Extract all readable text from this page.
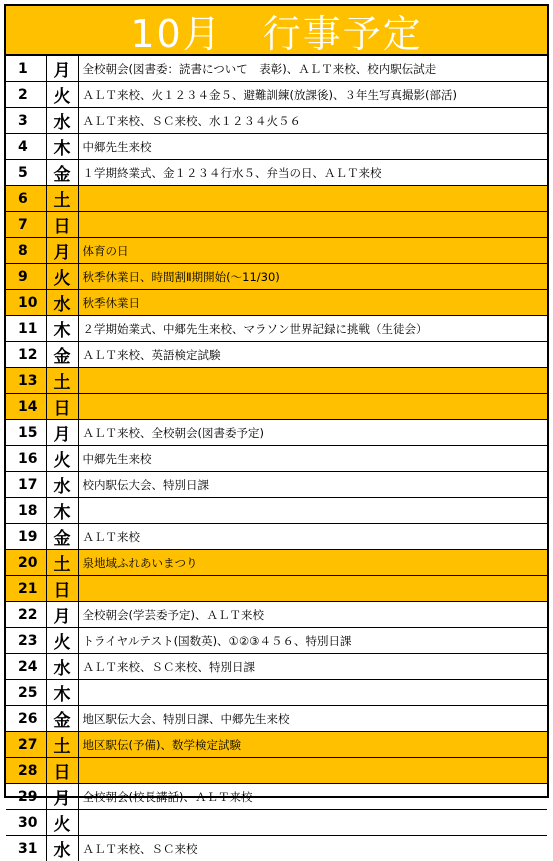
10月　行事予定
1	月	全校朝会(図書委：読書について　表彰)、ＡＬＴ来校、校内駅伝試走
2	火	ＡＬＴ来校、火１２３４金５、避難訓練(放課後)、３年生写真撮影(部活)
3	水	ＡＬＴ来校、ＳＣ来校、水１２３４火５６
4	木	中郷先生来校
5	金	１学期終業式、金１２３４行水５、弁当の日、ＡＬＴ来校
6	土	
7	日	
8	月	体育の日
9	火	秋季休業日、時間割Ⅱ期開始(～11/30)
10	水	秋季休業日
11	木	２学期始業式、中郷先生来校、マラソン世界記録に挑戦（生徒会）
12	金	ＡＬＴ来校、英語検定試験
13	土	
14	日	
15	月	ＡＬＴ来校、全校朝会(図書委予定)
16	火	中郷先生来校
17	水	校内駅伝大会、特別日課
18	木	
19	金	ＡＬＴ来校
20	土	泉地域ふれあいまつり
21	日	
22	月	全校朝会(学芸委予定)、ＡＬＴ来校
23	火	トライヤルテスト(国数英)、①②③４５６、特別日課
24	水	ＡＬＴ来校、ＳＣ来校、特別日課
25	木	
26	金	地区駅伝大会、特別日課、中郷先生来校
27	土	地区駅伝(予備)、数学検定試験
28	日	
29	月	全校朝会(校長講話)、ＡＬＴ来校
30	火	
31	水	ＡＬＴ来校、ＳＣ来校
